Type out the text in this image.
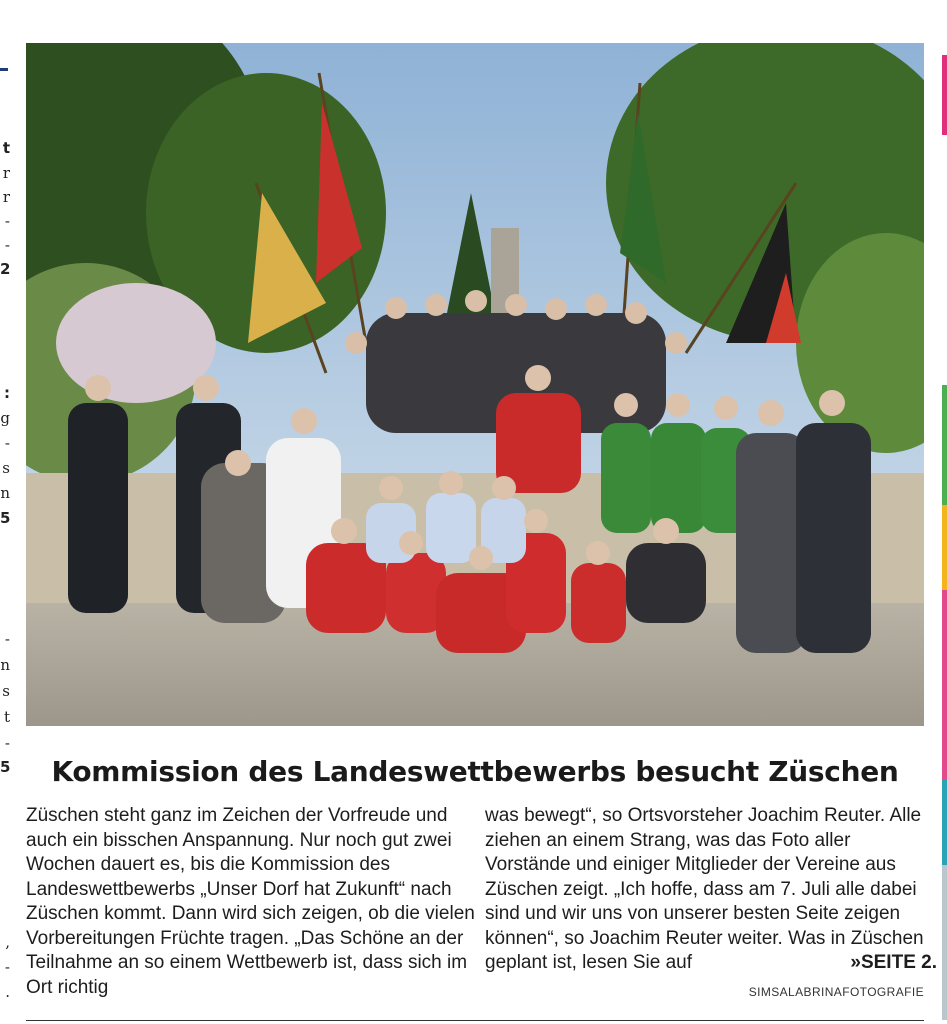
t
r
r
-
-
2
:
g
-
s
n
5
-
n
s
t
-
5
,
-
.
Kommission des Landeswettbewerbs besucht Züschen

Züschen steht ganz im Zeichen der Vorfreude und auch ein bisschen Anspannung. Nur noch gut zwei Wochen dauert es, bis die Kommission des Landeswettbewerbs „Unser Dorf hat Zukunft“ nach Züschen kommt. Dann wird sich zeigen, ob die vielen Vorbereitungen Früchte tragen. „Das Schöne an der Teilnahme an so einem Wettbewerb ist, dass sich im Ort richtig

was bewegt“, so Ortsvorsteher Joachim Reuter. Alle ziehen an einem Strang, was das Foto aller Vorstände und einiger Mitglieder der Vereine aus Züschen zeigt. „Ich hoffe, dass am 7. Juli alle dabei sind und wir uns von unserer besten Seite zeigen können“, so Joachim Reuter weiter. Was in Züschen geplant ist, lesen Sie auf	»SEITE 2.

SIMSALABRINAFOTOGRAFIE
